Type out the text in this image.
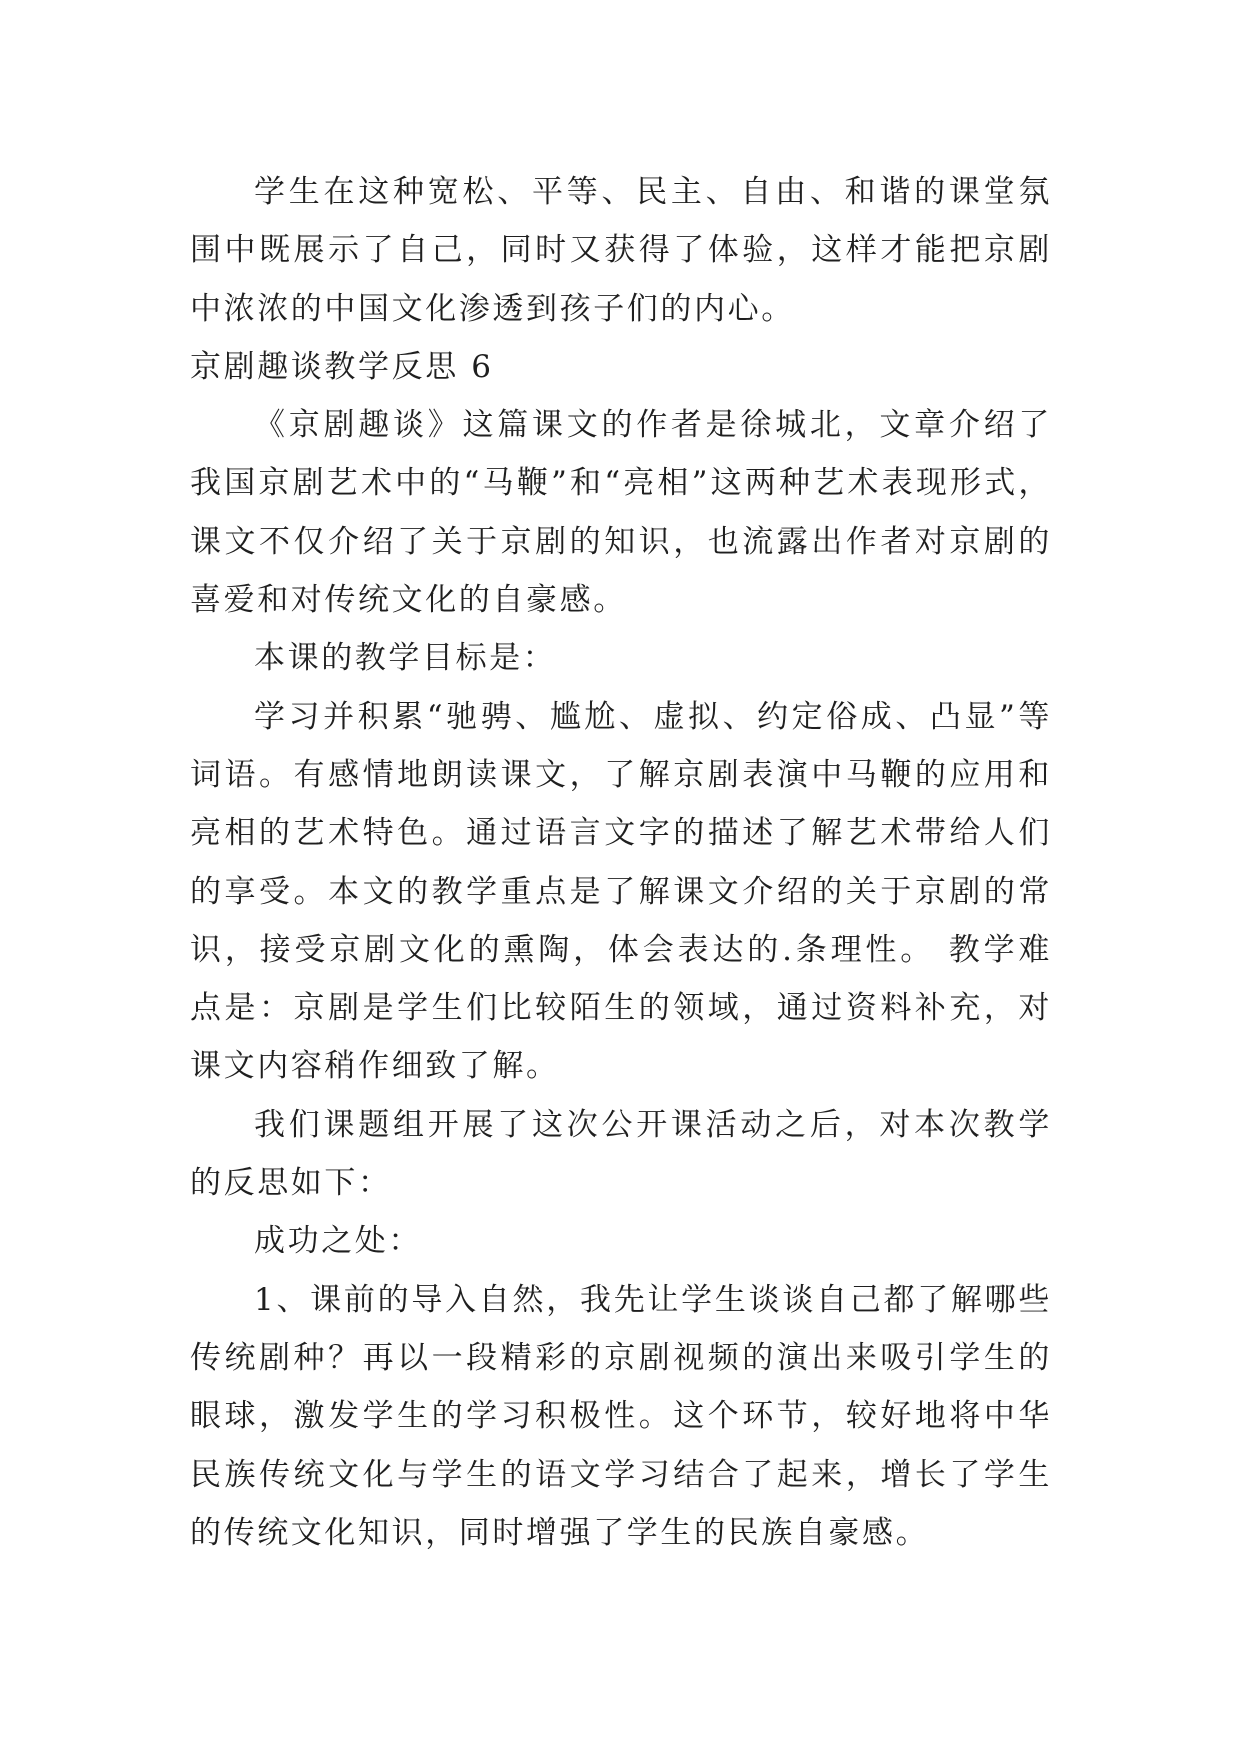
学生在这种宽松、平等、民主、自由、和谐的课堂氛围中既展示了自己，同时又获得了体验，这样才能把京剧中浓浓的中国文化渗透到孩子们的内心。

京剧趣谈教学反思 6

《京剧趣谈》这篇课文的作者是徐城北，文章介绍了我国京剧艺术中的“马鞭”和“亮相”这两种艺术表现形式，课文不仅介绍了关于京剧的知识，也流露出作者对京剧的喜爱和对传统文化的自豪感。

本课的教学目标是：

学习并积累“驰骋、尴尬、虚拟、约定俗成、凸显”等词语。有感情地朗读课文，了解京剧表演中马鞭的应用和亮相的艺术特色。通过语言文字的描述了解艺术带给人们的享受。本文的教学重点是了解课文介绍的关于京剧的常识，接受京剧文化的熏陶，体会表达的.条理性。 教学难点是：京剧是学生们比较陌生的领域，通过资料补充，对课文内容稍作细致了解。

我们课题组开展了这次公开课活动之后，对本次教学的反思如下：

成功之处：

1、课前的导入自然，我先让学生谈谈自己都了解哪些传统剧种？再以一段精彩的京剧视频的演出来吸引学生的眼球，激发学生的学习积极性。这个环节，较好地将中华民族传统文化与学生的语文学习结合了起来，增长了学生的传统文化知识，同时增强了学生的民族自豪感。
